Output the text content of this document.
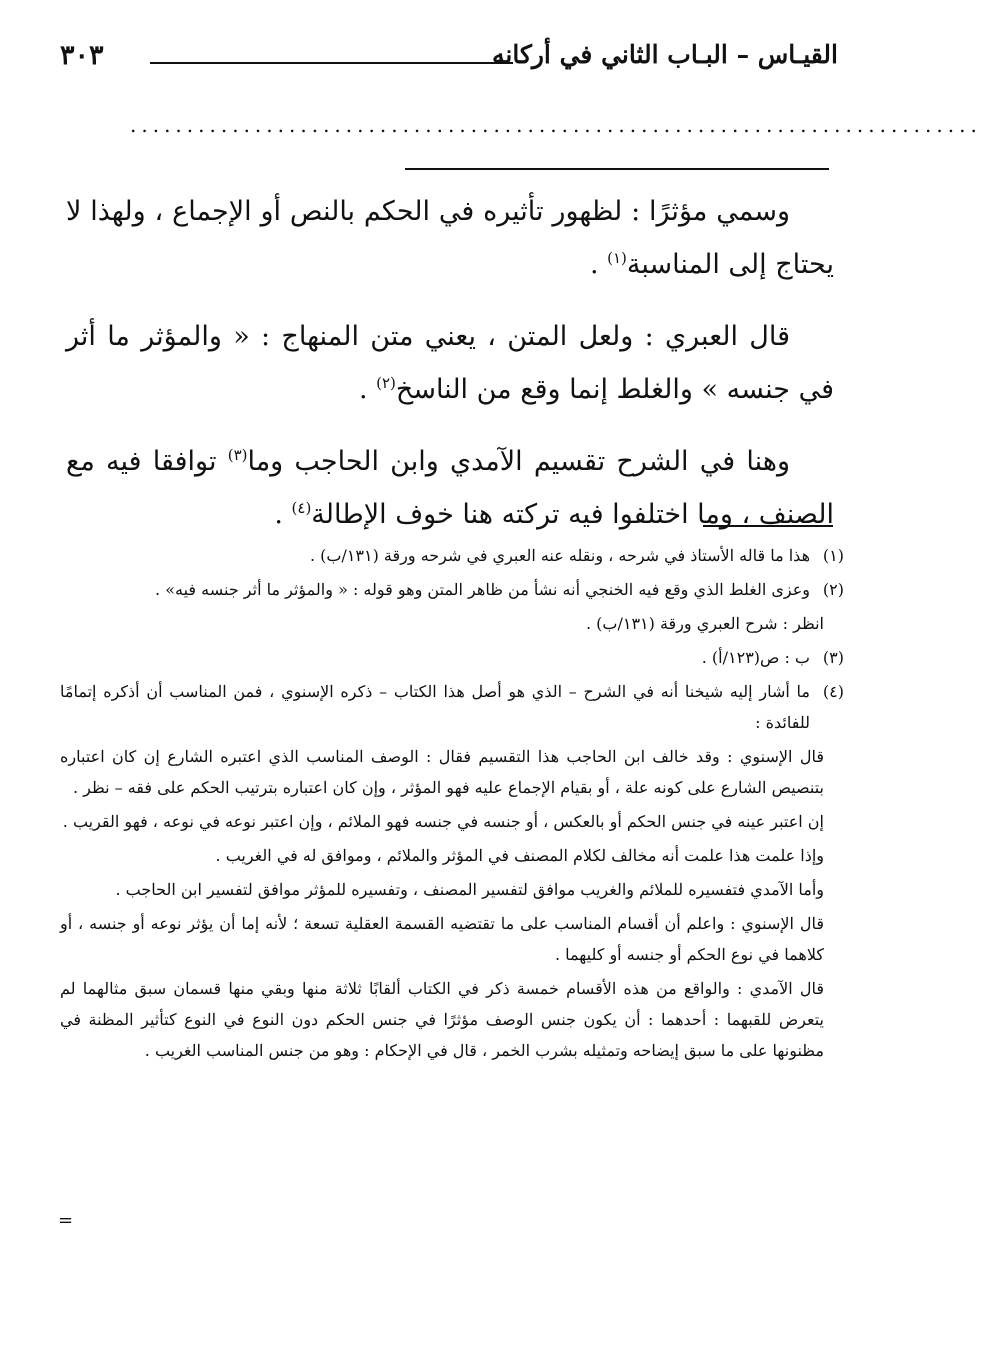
القيـاس – البـاب الثاني في أركانه
٣٠٣
...........................................................................

وسمي مؤثرًا : لظهور تأثيره في الحكم بالنص أو الإجماع ، ولهذا لا يحتاج إلى المناسبة$^{(١)}$ .

قال العبري : ولعل المتن ، يعني متن المنهاج : « والمؤثر ما أثر في جنسه » والغلط إنما وقع من الناسخ$^{(٢)}$ .

وهنا في الشرح تقسيم الآمدي وابن الحاجب وما$^{(٣)}$ توافقا فيه مع الصنف ، وما اختلفوا فيه تركته هنا خوف الإطالة$^{(٤)}$ .

(١)هذا ما قاله الأستاذ في شرحه ، ونقله عنه العبري في شرحه ورقة (١٣١/ب) .

(٢)وعزى الغلط الذي وقع فيه الخنجي أنه نشأ من ظاهر المتن وهو قوله : « والمؤثر ما أثر جنسه فيه» .

انظر : شرح العبري ورقة (١٣١/ب) .

(٣)ب : ص(١٢٣/أ) .

(٤)ما أشار إليه شيخنا أنه في الشرح – الذي هو أصل هذا الكتاب – ذكره الإسنوي ، فمن المناسب أن أذكره إتمامًا للفائدة :

قال الإسنوي : وقد خالف ابن الحاجب هذا التقسيم فقال : الوصف المناسب الذي اعتبره الشارع إن كان اعتباره بتنصيص الشارع على كونه علة ، أو بقيام الإجماع عليه فهو المؤثر ، وإن كان اعتباره بترتيب الحكم على فقه – نظر .

إن اعتبر عينه في جنس الحكم أو بالعكس ، أو جنسه في جنسه فهو الملائم ، وإن اعتبر نوعه في نوعه ، فهو القريب .

وإذا علمت هذا علمت أنه مخالف لكلام المصنف في المؤثر والملائم ، وموافق له في الغريب .

وأما الآمدي فتفسيره للملائم والغريب موافق لتفسير المصنف ، وتفسيره للمؤثر موافق لتفسير ابن الحاجب .

قال الإسنوي : واعلم أن أقسام المناسب على ما تقتضيه القسمة العقلية تسعة ؛ لأنه إما أن يؤثر نوعه أو جنسه ، أو كلاهما في نوع الحكم أو جنسه أو كليهما .

قال الآمدي : والواقع من هذه الأقسام خمسة ذكر في الكتاب ألقابًا ثلاثة منها وبقي منها قسمان سبق مثالهما لم يتعرض للقبهما : أحدهما : أن يكون جنس الوصف مؤثرًا في جنس الحكم دون النوع في النوع كتأثير المظنة في مظنونها على ما سبق إيضاحه وتمثيله بشرب الخمر ، قال في الإحكام : وهو من جنس المناسب الغريب .

=
